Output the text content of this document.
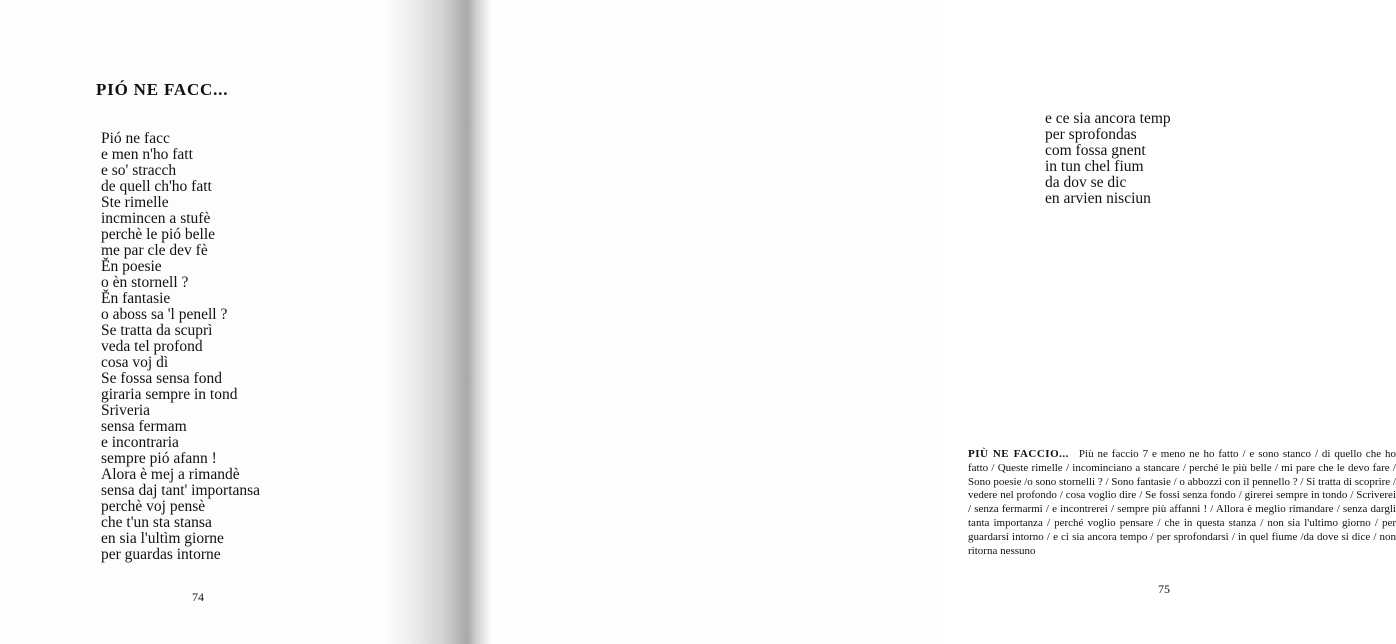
PIÓ NE FACC...
Pió ne facc
e men n'ho fatt
e so' stracch
de quell ch'ho fatt
Ste rimelle
incmincen a stufè
perchè le pió belle
me par cle dev fè
Ěn poesie
o èn stornell ?
Ěn fantasie
o aboss sa 'l penell ?
Se tratta da scuprì
veda tel profond
cosa voj dì
Se fossa sensa fond
giraria sempre in tond
Sriveria
sensa fermam
e incontraria
sempre pió afann !
Alora è mej a rimandè
sensa daj tant' importansa
perchè voj pensè
che t'un sta stansa
en sia l'ultìm giorne
per guardas intorne
74
e ce sia ancora temp
per sprofondas
com fossa gnent
in tun chel fium
da dov se dic
en arvien nisciun

PIÙ NE FACCIO... Più ne faccio 7 e meno ne ho fatto / e sono stanco / di quello che ho fatto / Queste rimelle / incominciano a stancare / perché le più belle / mi pare che le devo fare / Sono poesie /o sono stornelli ? / Sono fantasie / o abbozzi con il pennello ? / Si tratta di scoprire / vedere nel profondo / cosa voglio dire / Se fossi senza fondo / girerei sempre in tondo / Scriverei / senza fermarmi / e incontrerei / sempre più affanni ! / Allora è meglio rimandare / senza dargli tanta importanza / perché voglio pensare / che in questa stanza / non sia l'ultimo giorno / per guardarsi intorno / e ci sia ancora tempo / per sprofondarsi / in quel fiume /da dove si dice / non ritorna nessuno

75
